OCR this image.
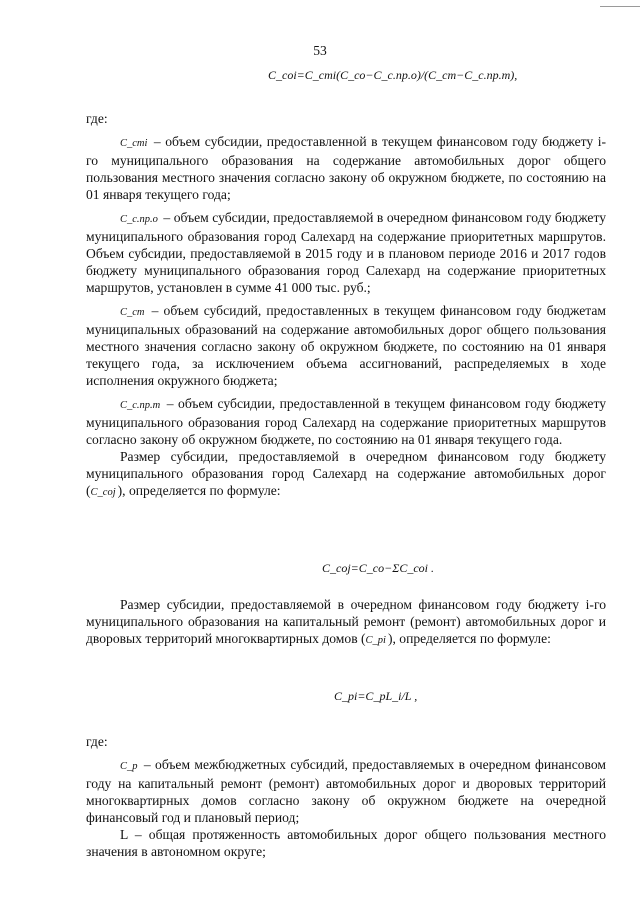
53
C_coi=C_cmi(C_co−C_c.пр.о)/(C_cm−C_c.пр.т),

где:

C_cmi – объем субсидии, предоставленной в текущем финансовом году бюджету i-го муниципального образования на содержание автомобильных дорог общего пользования местного значения согласно закону об окружном бюджете, по состоянию на 01 января текущего года;

C_с.пр.о – объем субсидии, предоставляемой в очередном финансовом году бюджету муниципального образования город Салехард на содержание приоритетных маршрутов. Объем субсидии, предоставляемой в 2015 году и в плановом периоде 2016 и 2017 годов бюджету муниципального образования город Салехард на содержание приоритетных маршрутов, установлен в сумме 41 000 тыс. руб.;

C_cm – объем субсидий, предоставленных в текущем финансовом году бюджетам муниципальных образований на содержание автомобильных дорог общего пользования местного значения согласно закону об окружном бюджете, по состоянию на 01 января текущего года, за исключением объема ассигнований, распределяемых в ходе исполнения окружного бюджета;

C_с.пр.т – объем субсидии, предоставленной в текущем финансовом году бюджету муниципального образования город Салехард на содержание приоритетных маршрутов согласно закону об окружном бюджете, по состоянию на 01 января текущего года.

Размер субсидии, предоставляемой в очередном финансовом году бюджету муниципального образования город Салехард на содержание автомобильных дорог (C_coj ), определяется по формуле:

C_coj=C_co−ΣC_coi .

Размер субсидии, предоставляемой в очередном финансовом году бюджету i-го муниципального образования на капитальный ремонт (ремонт) автомобильных дорог и дворовых территорий многоквартирных домов (C_pi ), определяется по формуле:

C_pi=C_pL_i/L ,

где:

C_p – объем межбюджетных субсидий, предоставляемых в очередном финансовом году на капитальный ремонт (ремонт) автомобильных дорог и дворовых территорий многоквартирных домов согласно закону об окружном бюджете на очередной финансовый год и плановый период;

L – общая протяженность автомобильных дорог общего пользования местного значения в автономном округе;
